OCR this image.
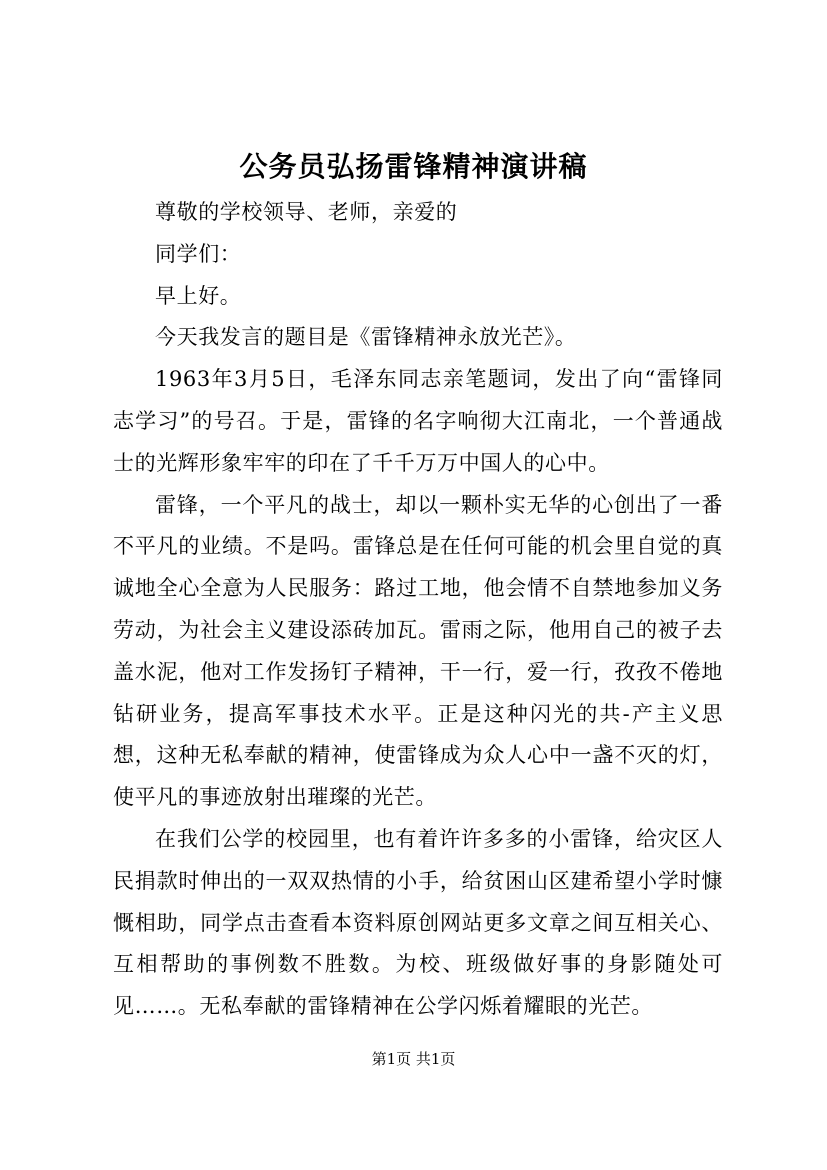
公务员弘扬雷锋精神演讲稿

尊敬的学校领导、老师，亲爱的

同学们：

早上好。

今天我发言的题目是《雷锋精神永放光芒》。

1963年3月5日，毛泽东同志亲笔题词，发出了向“雷锋同志学习”的号召。于是，雷锋的名字响彻大江南北，一个普通战士的光辉形象牢牢的印在了千千万万中国人的心中。

雷锋，一个平凡的战士，却以一颗朴实无华的心创出了一番不平凡的业绩。不是吗。雷锋总是在任何可能的机会里自觉的真诚地全心全意为人民服务：路过工地，他会情不自禁地参加义务劳动，为社会主义建设添砖加瓦。雷雨之际，他用自己的被子去盖水泥，他对工作发扬钉子精神，干一行，爱一行，孜孜不倦地钻研业务，提高军事技术水平。正是这种闪光的共-产主义思想，这种无私奉献的精神，使雷锋成为众人心中一盏不灭的灯，使平凡的事迹放射出璀璨的光芒。

在我们公学的校园里，也有着许许多多的小雷锋，给灾区人民捐款时伸出的一双双热情的小手，给贫困山区建希望小学时慷慨相助，同学点击查看本资料原创网站更多文章之间互相关心、互相帮助的事例数不胜数。为校、班级做好事的身影随处可见……。无私奉献的雷锋精神在公学闪烁着耀眼的光芒。

第1页 共1页
